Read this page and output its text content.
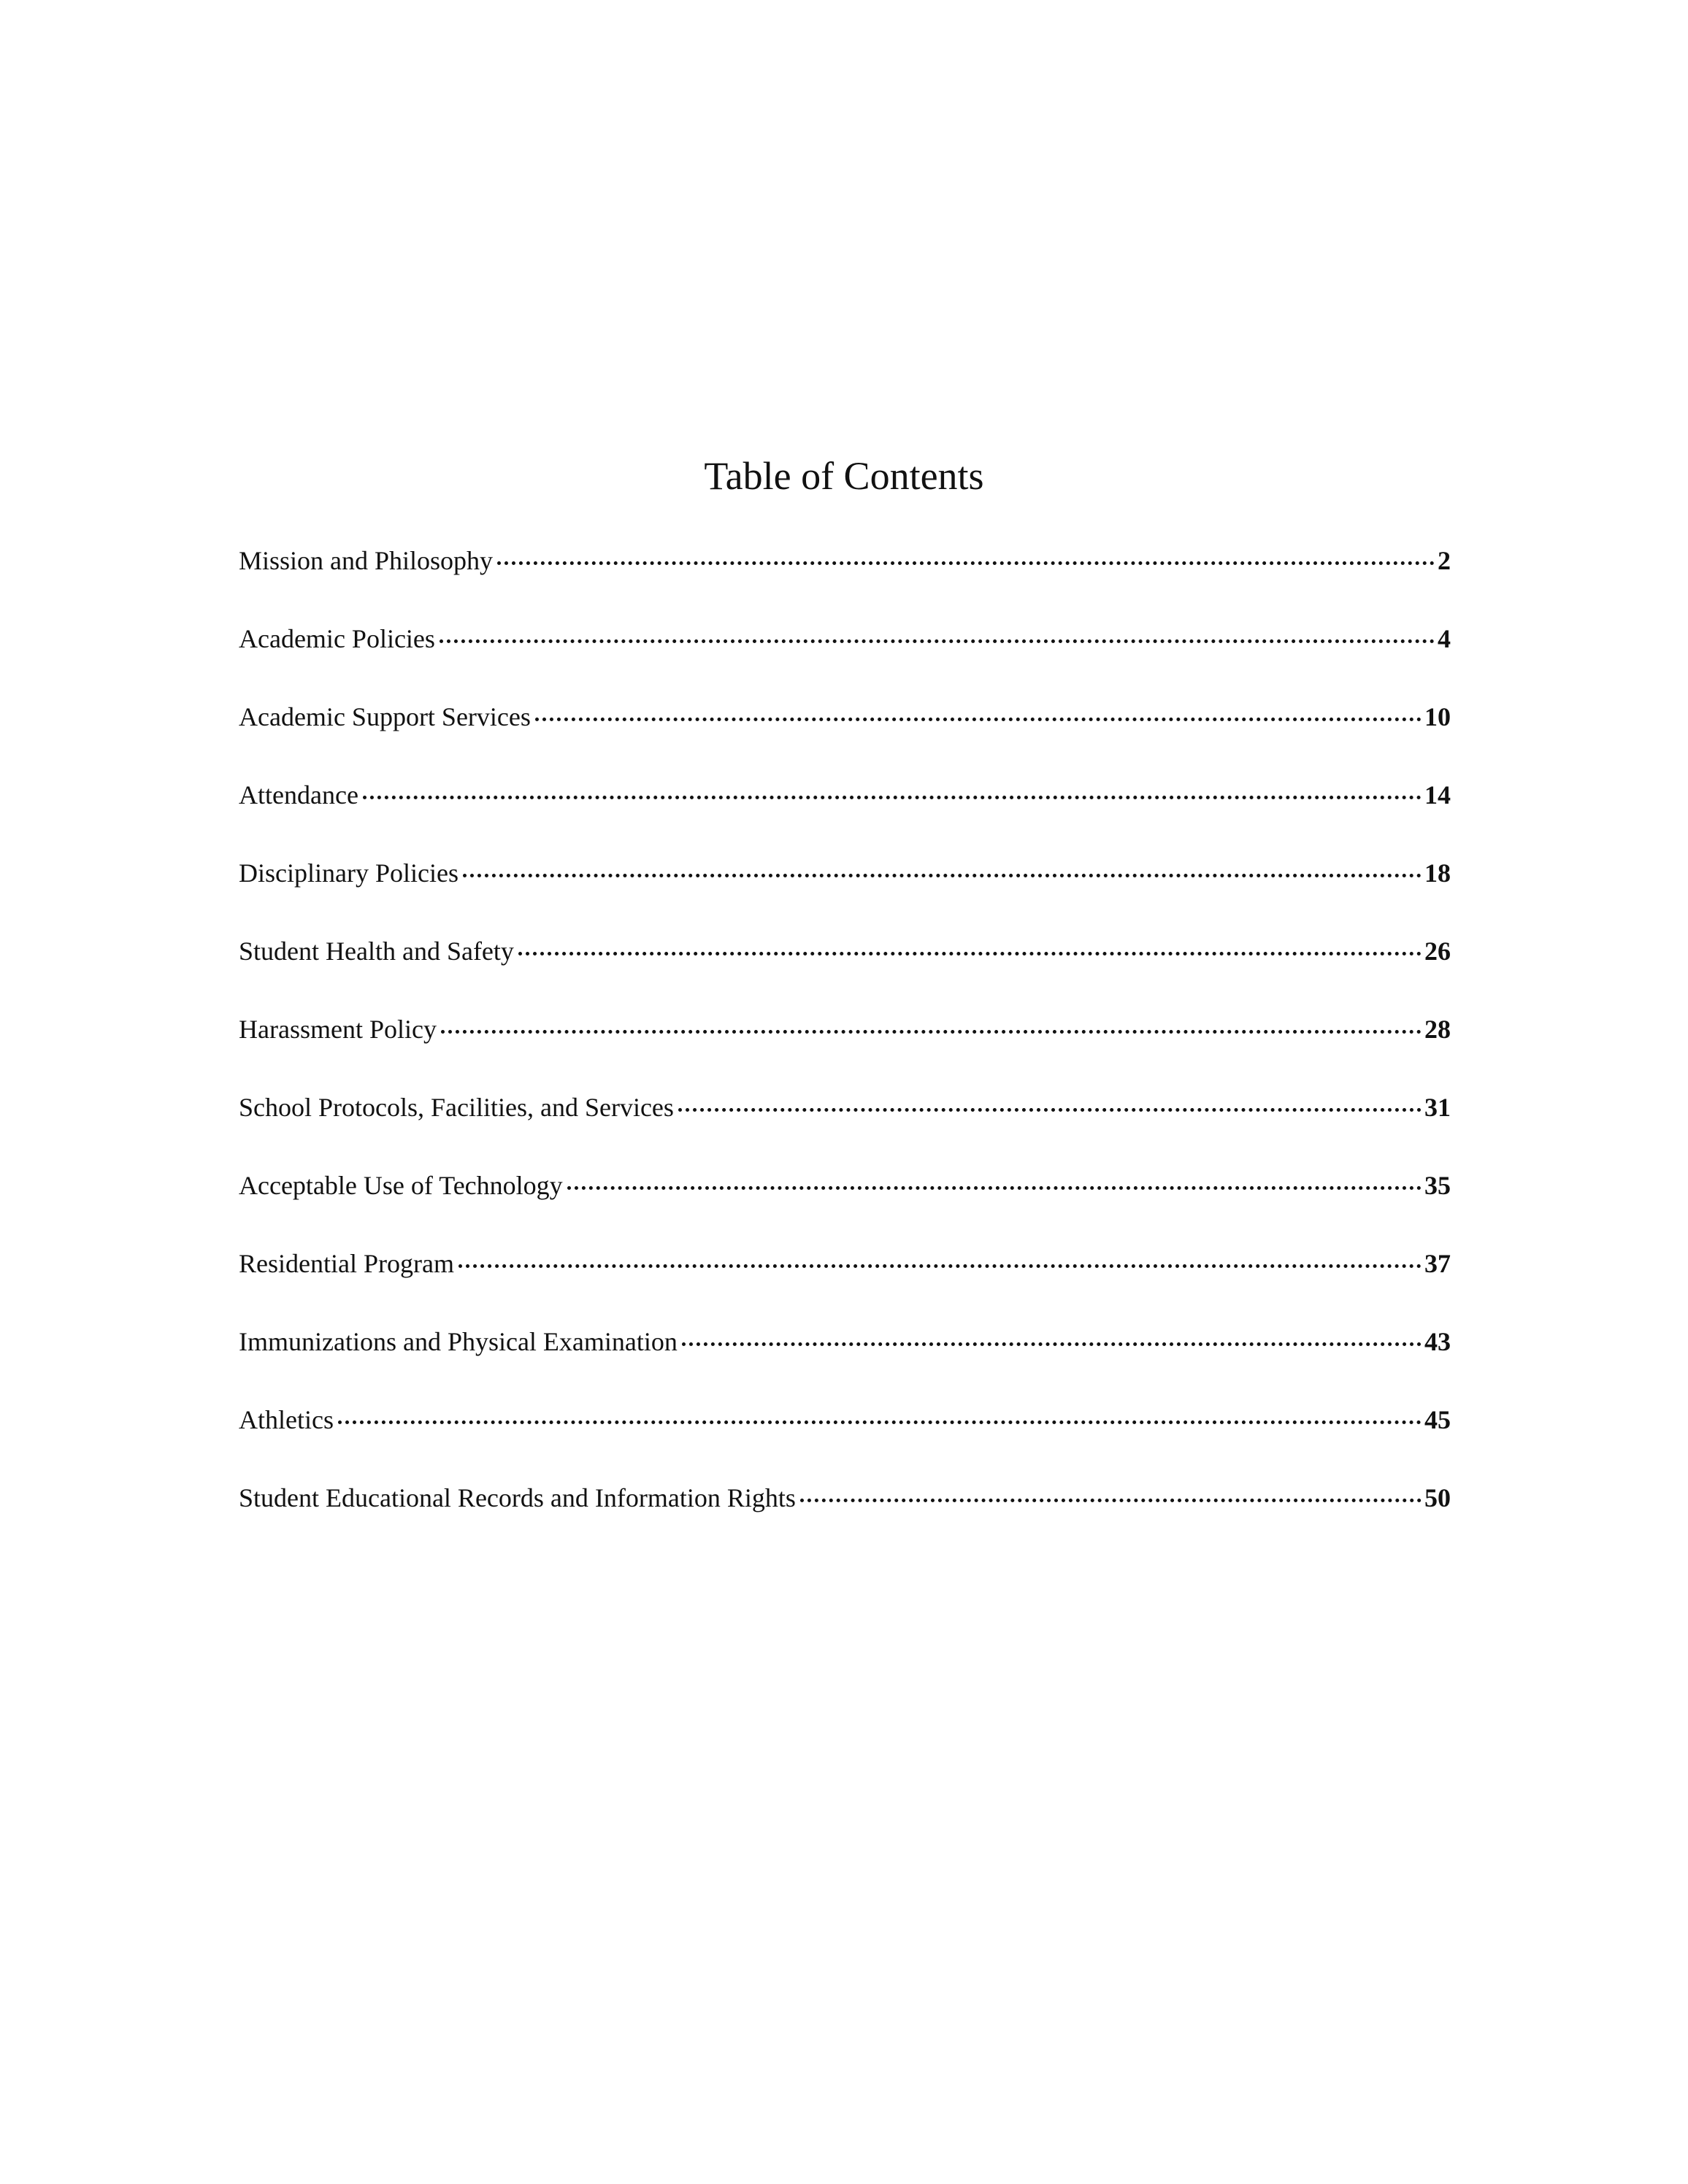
Table of Contents
Mission and Philosophy	2
Academic Policies	4
Academic Support Services	10
Attendance	14
Disciplinary Policies	18
Student Health and Safety	26
Harassment Policy	28
School Protocols, Facilities, and Services	31
Acceptable Use of Technology	35
Residential Program	37
Immunizations and Physical Examination	43
Athletics	45
Student Educational Records and Information Rights	50
